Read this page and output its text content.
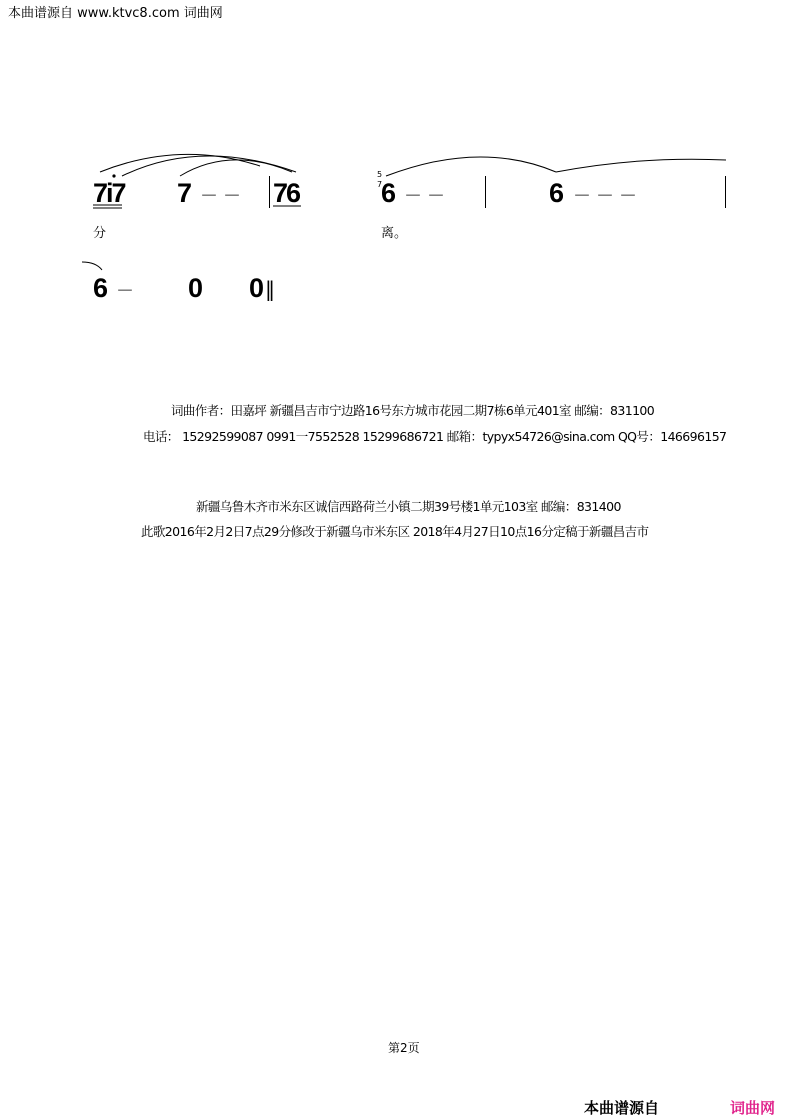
本曲谱源自 www.ktvc8.com 词曲网
7i7 7 － － 76
5
7
6 － －	6 － － －
分	离。
6 － 0 0 ‖
词曲作者：田嘉坪 新疆昌吉市宁边路16号东方城市花园二期7栋6单元401室 邮编：831100
电话： 15292599087 0991一7552528 15299686721 邮箱：typyx54726@sina.com QQ号：146696157
新疆乌鲁木齐市米东区诚信西路荷兰小镇二期39号楼1单元103室 邮编：831400
此歌2016年2月2日7点29分修改于新疆乌市米东区 2018年4月27日10点16分定稿于新疆昌吉市
第2页
本曲谱源自	词曲网
